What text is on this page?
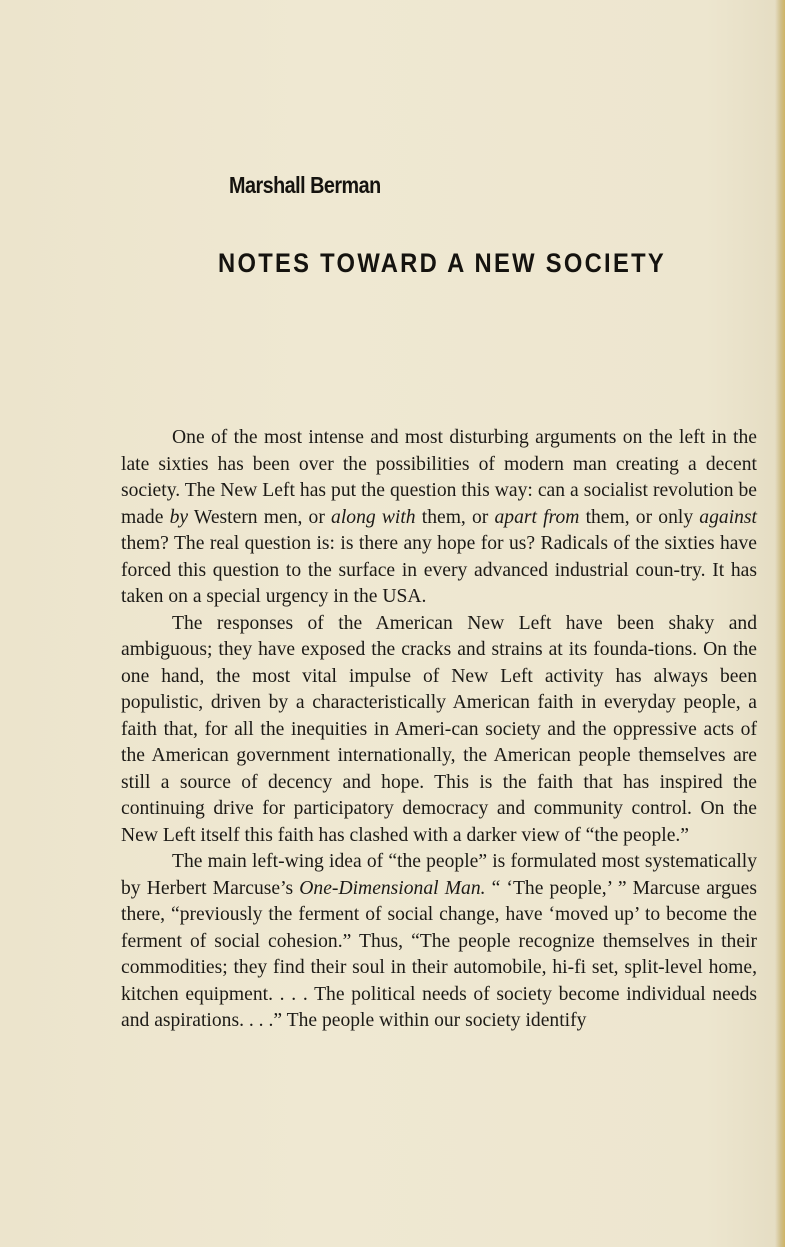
Marshall Berman
NOTES TOWARD A NEW SOCIETY

One of the most intense and most disturbing arguments on the left in the late sixties has been over the possibilities of modern man creating a decent society. The New Left has put the question this way: can a socialist revolution be made by Western men, or along with them, or apart from them, or only against them? The real question is: is there any hope for us? Radicals of the sixties have forced this question to the surface in every advanced industrial coun-try. It has taken on a special urgency in the USA.

The responses of the American New Left have been shaky and ambiguous; they have exposed the cracks and strains at its founda-tions. On the one hand, the most vital impulse of New Left activity has always been populistic, driven by a characteristically American faith in everyday people, a faith that, for all the inequities in Ameri-can society and the oppressive acts of the American government internationally, the American people themselves are still a source of decency and hope. This is the faith that has inspired the continuing drive for participatory democracy and community control. On the New Left itself this faith has clashed with a darker view of “the people.”

The main left-wing idea of “the people” is formulated most systematically by Herbert Marcuse’s One-Dimensional Man. “ ‘The people,’ ” Marcuse argues there, “previously the ferment of social change, have ‘moved up’ to become the ferment of social cohesion.” Thus, “The people recognize themselves in their commodities; they find their soul in their automobile, hi-fi set, split-level home, kitchen equipment. . . . The political needs of society become individual needs and aspirations. . . .” The people within our society identify
